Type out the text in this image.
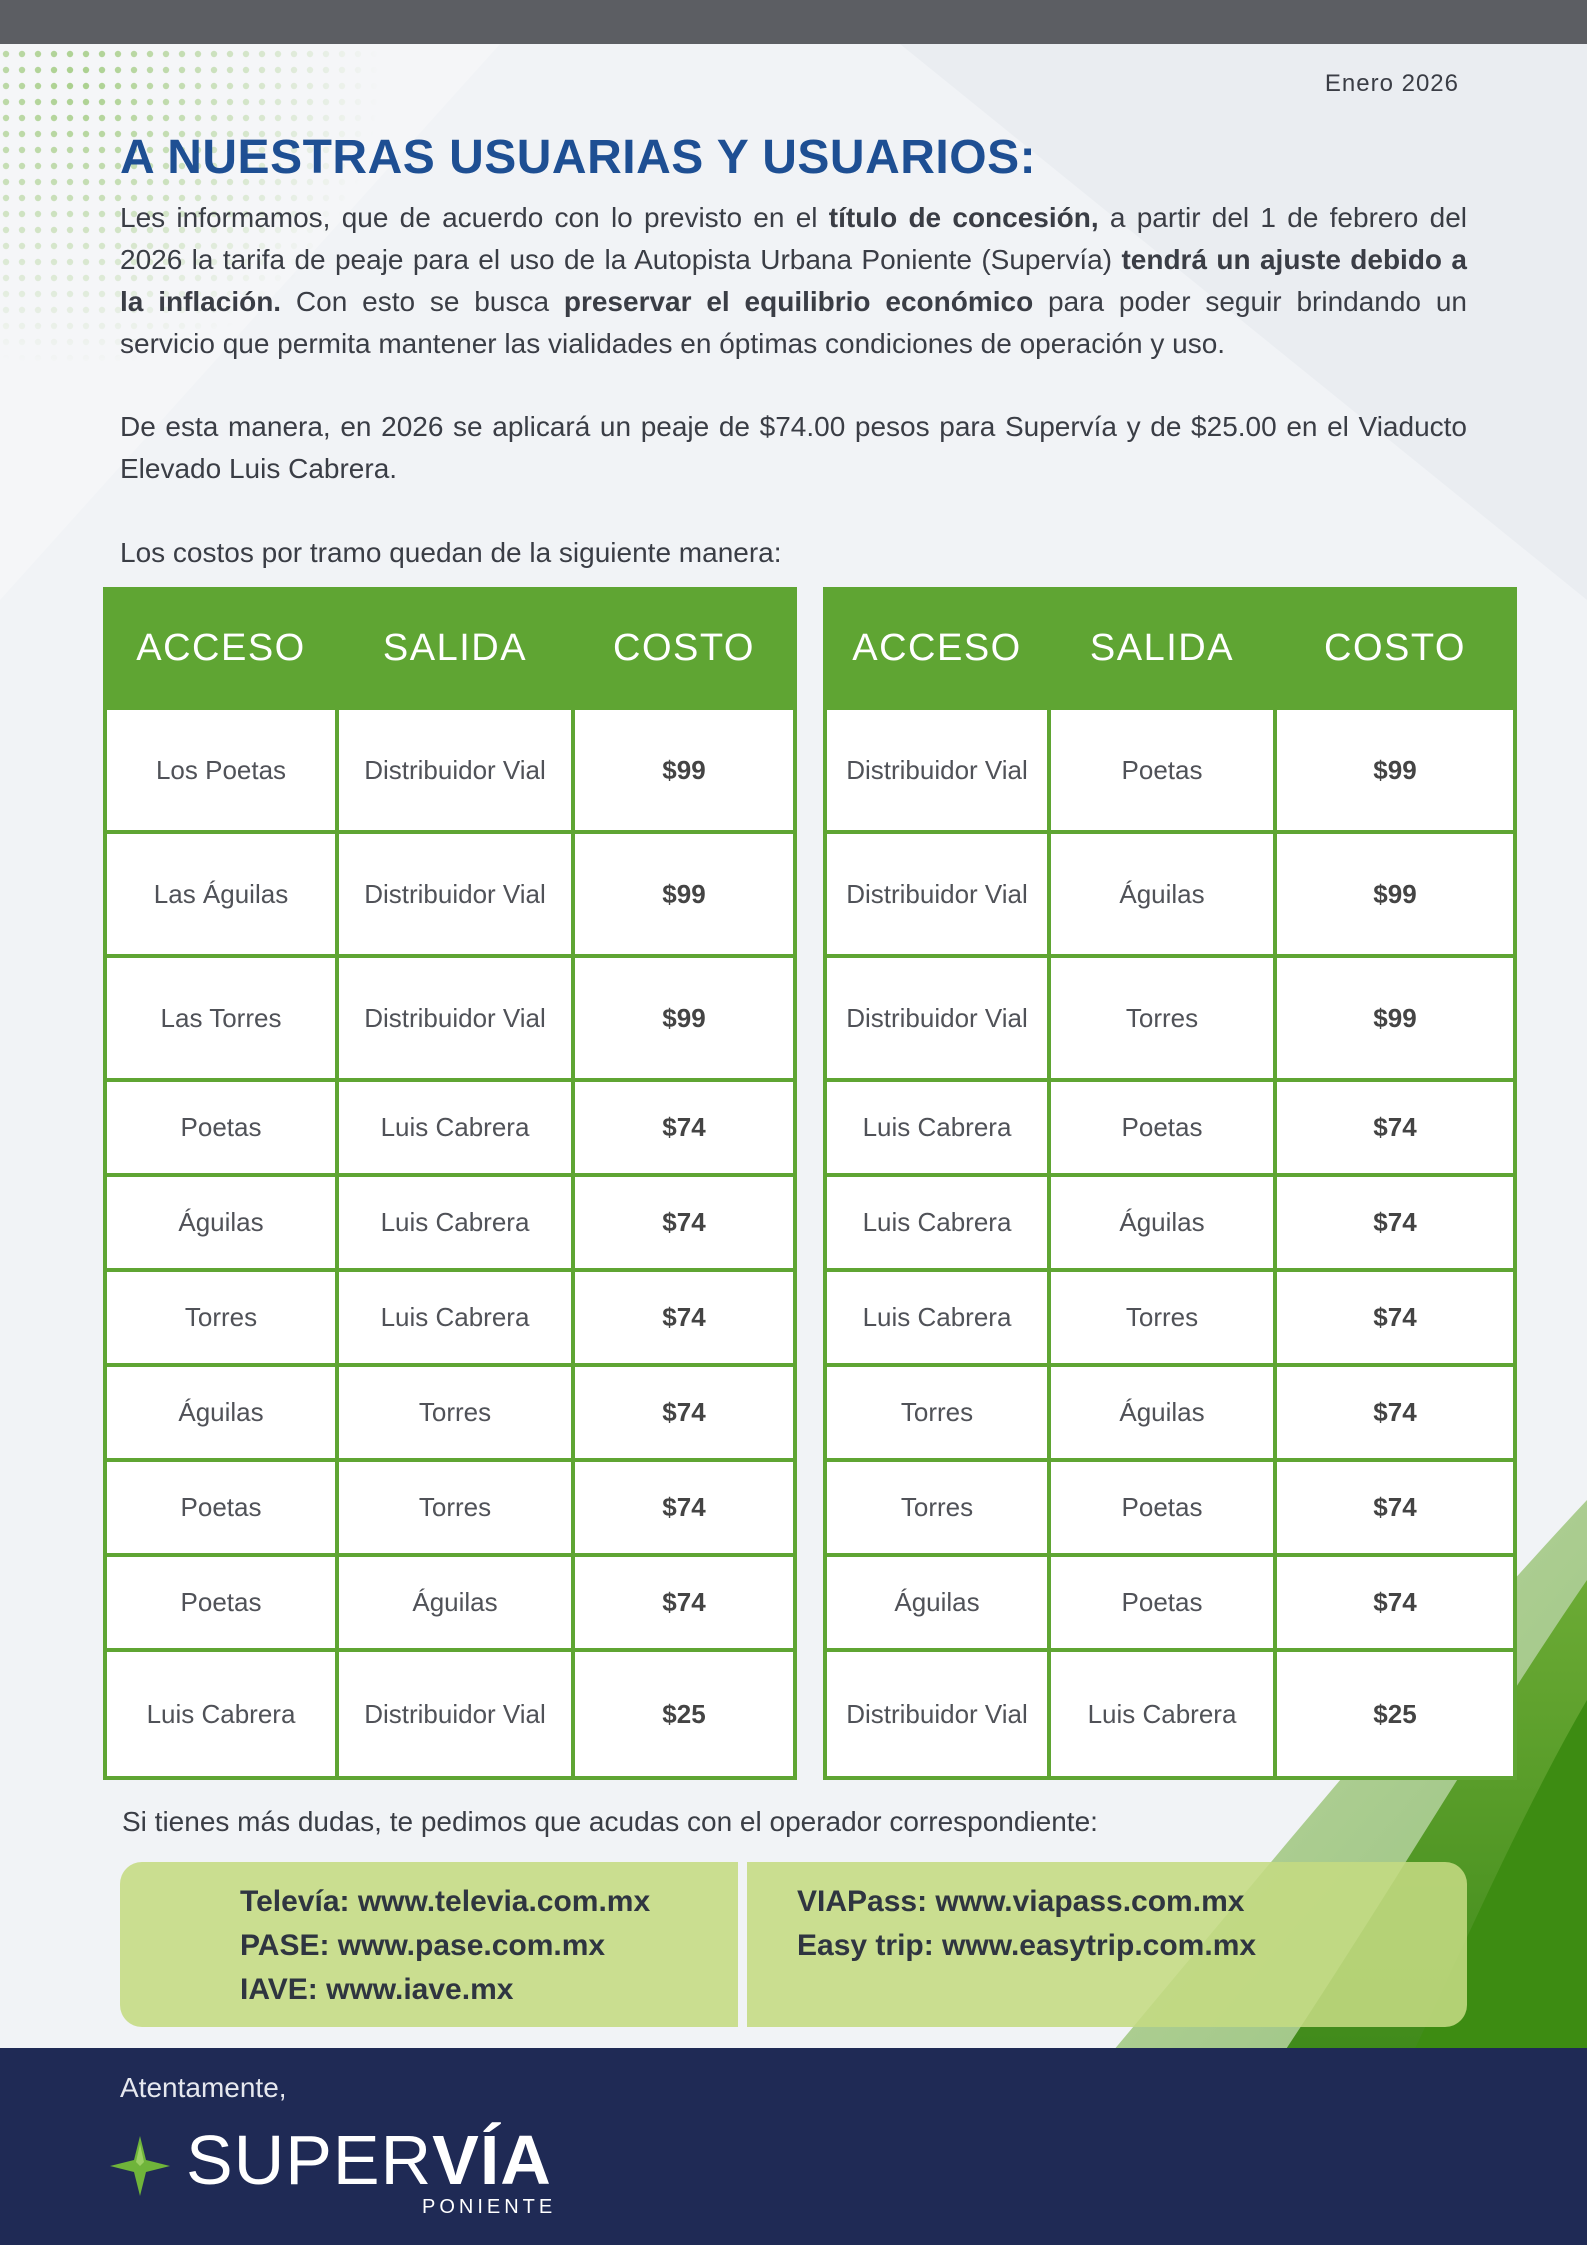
Enero 2026
A NUESTRAS USUARIAS Y USUARIOS:
Les informamos, que de acuerdo con lo previsto en el título de concesión, a partir del 1 de febrero del 2026 la tarifa de peaje para el uso de la Autopista Urbana Poniente (Supervía) tendrá un ajuste debido a la inflación. Con esto se busca preservar el equilibrio económico para poder seguir brindando un servicio que permita mantener las vialidades en óptimas condiciones de operación y uso.
De esta manera, en 2026 se aplicará un peaje de $74.00 pesos para Supervía y de $25.00 en el Viaducto Elevado Luis Cabrera.
Los costos por tramo quedan de la siguiente manera:
ACCESO	SALIDA	COSTO
Los Poetas	Distribuidor Vial	$99
Las Águilas	Distribuidor Vial	$99
Las Torres	Distribuidor Vial	$99
Poetas	Luis Cabrera	$74
Águilas	Luis Cabrera	$74
Torres	Luis Cabrera	$74
Águilas	Torres	$74
Poetas	Torres	$74
Poetas	Águilas	$74
Luis Cabrera	Distribuidor Vial	$25
ACCESO	SALIDA	COSTO
Distribuidor Vial	Poetas	$99
Distribuidor Vial	Águilas	$99
Distribuidor Vial	Torres	$99
Luis Cabrera	Poetas	$74
Luis Cabrera	Águilas	$74
Luis Cabrera	Torres	$74
Torres	Águilas	$74
Torres	Poetas	$74
Águilas	Poetas	$74
Distribuidor Vial	Luis Cabrera	$25
Si tienes más dudas, te pedimos que acudas con el operador correspondiente:
Televía: www.televia.com.mx
PASE: www.pase.com.mx
IAVE: www.iave.mx
VIAPass: www.viapass.com.mx
Easy trip: www.easytrip.com.mx
Atentamente,
SUPERVÍA
PONIENTE
